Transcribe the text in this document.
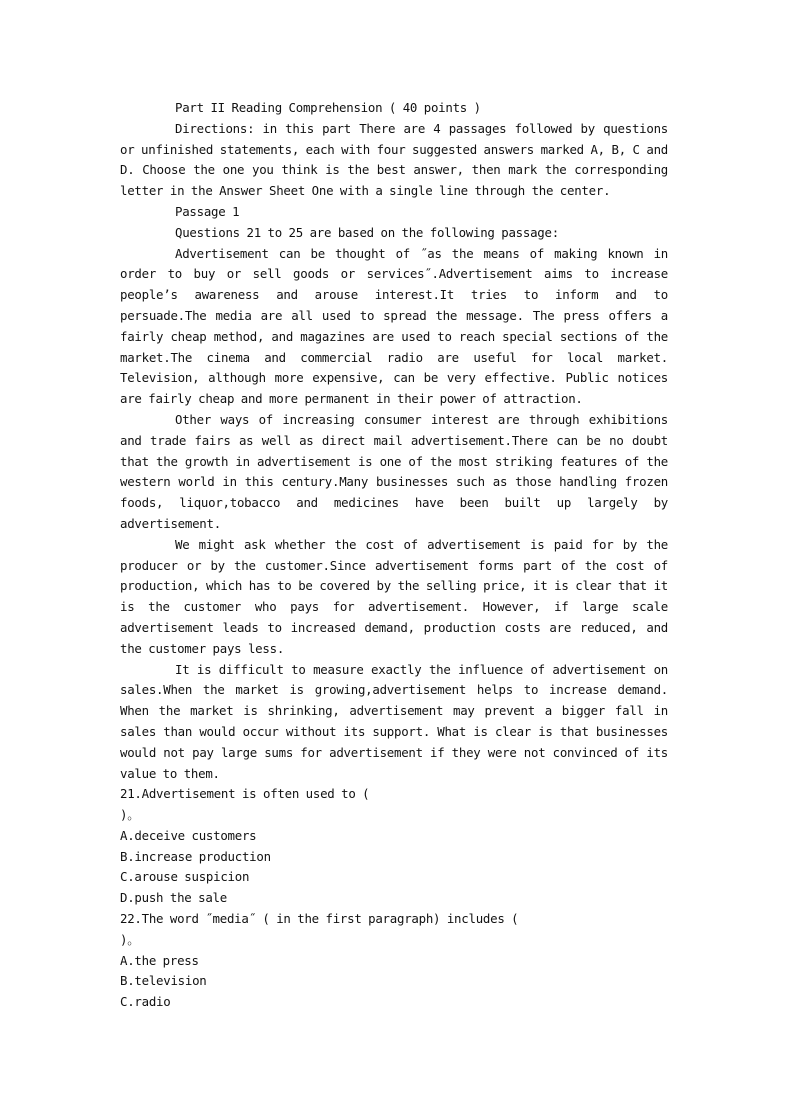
Part II Reading Comprehension ( 40 points )

Directions: in this part There are 4 passages followed by questions or unfinished statements, each with four suggested answers marked A, B, C and D. Choose the one you think is the best answer, then mark the corresponding letter in the Answer Sheet One with a single line through the center.

Passage 1

Questions 21 to 25 are based on the following passage:

Advertisement can be thought of ˝as the means of making known in order to buy or sell goods or services˝.Advertisement aims to increase people’s awareness and arouse interest.It tries to inform and to persuade.The media are all used to spread the message. The press offers a fairly cheap method, and magazines are used to reach special sections of the market.The cinema and commercial radio are useful for local market. Television, although more expensive, can be very effective. Public notices are fairly cheap and more permanent in their power of attraction.

Other ways of increasing consumer interest are through exhibitions and trade fairs as well as direct mail advertisement.There can be no doubt that the growth in advertisement is one of the most striking features of the western world in this century.Many businesses such as those handling frozen foods, liquor,tobacco and medicines have been built up largely by advertisement.

We might ask whether the cost of advertisement is paid for by the producer or by the customer.Since advertisement forms part of the cost of production, which has to be covered by the selling price, it is clear that it is the customer who pays for advertisement. However, if large scale advertisement leads to increased demand, production costs are reduced, and the customer pays less.

It is difficult to measure exactly the influence of advertisement on sales.When the market is growing,advertisement helps to increase demand. When the market is shrinking, advertisement may prevent a bigger fall in sales than would occur without its support. What is clear is that businesses would not pay large sums for advertisement if they were not convinced of its value to them.

21.Advertisement is often used to (

)。

A.deceive customers

B.increase production

C.arouse suspicion

D.push the sale

22.The word ˝media˝ ( in the first paragraph) includes (

)。

A.the press

B.television

C.radio
